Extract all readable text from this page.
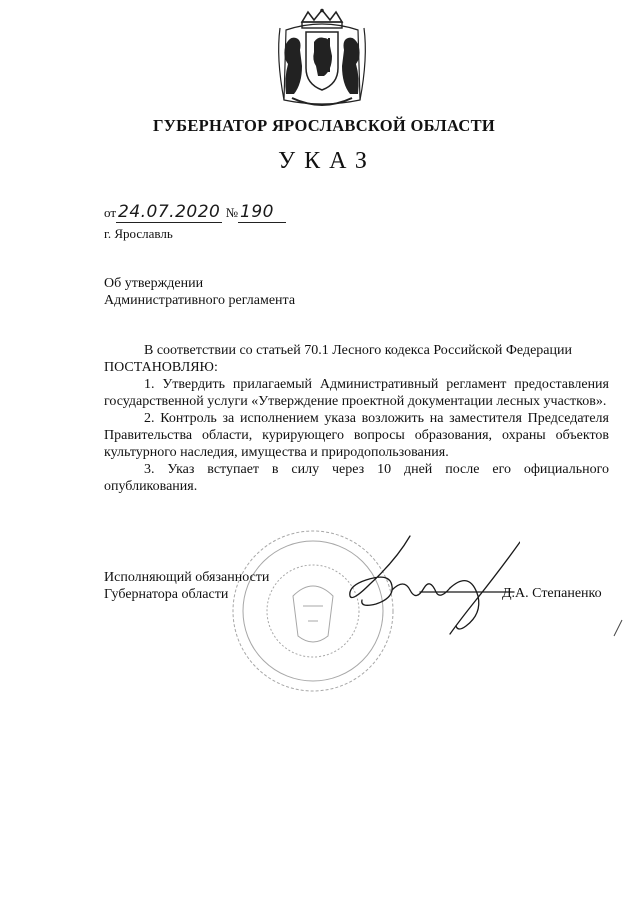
ГУБЕРНАТОР ЯРОСЛАВСКОЙ ОБЛАСТИ
УКАЗ
от 24.07.2020 № 190
г. Ярославль
Об утверждении
Административного регламента

В соответствии со статьей 70.1 Лесного кодекса Российской Федерации

ПОСТАНОВЛЯЮ:

1. Утвердить прилагаемый Административный регламент предоставления государственной услуги «Утверждение проектной документации лесных участков».

2. Контроль за исполнением указа возложить на заместителя Председателя Правительства области, курирующего вопросы образования, охраны объектов культурного наследия, имущества и природопользования.

3. Указ вступает в силу через 10 дней после его официального опубликования.

Исполняющий обязанности
Губернатора области	Д.А. Степаненко
